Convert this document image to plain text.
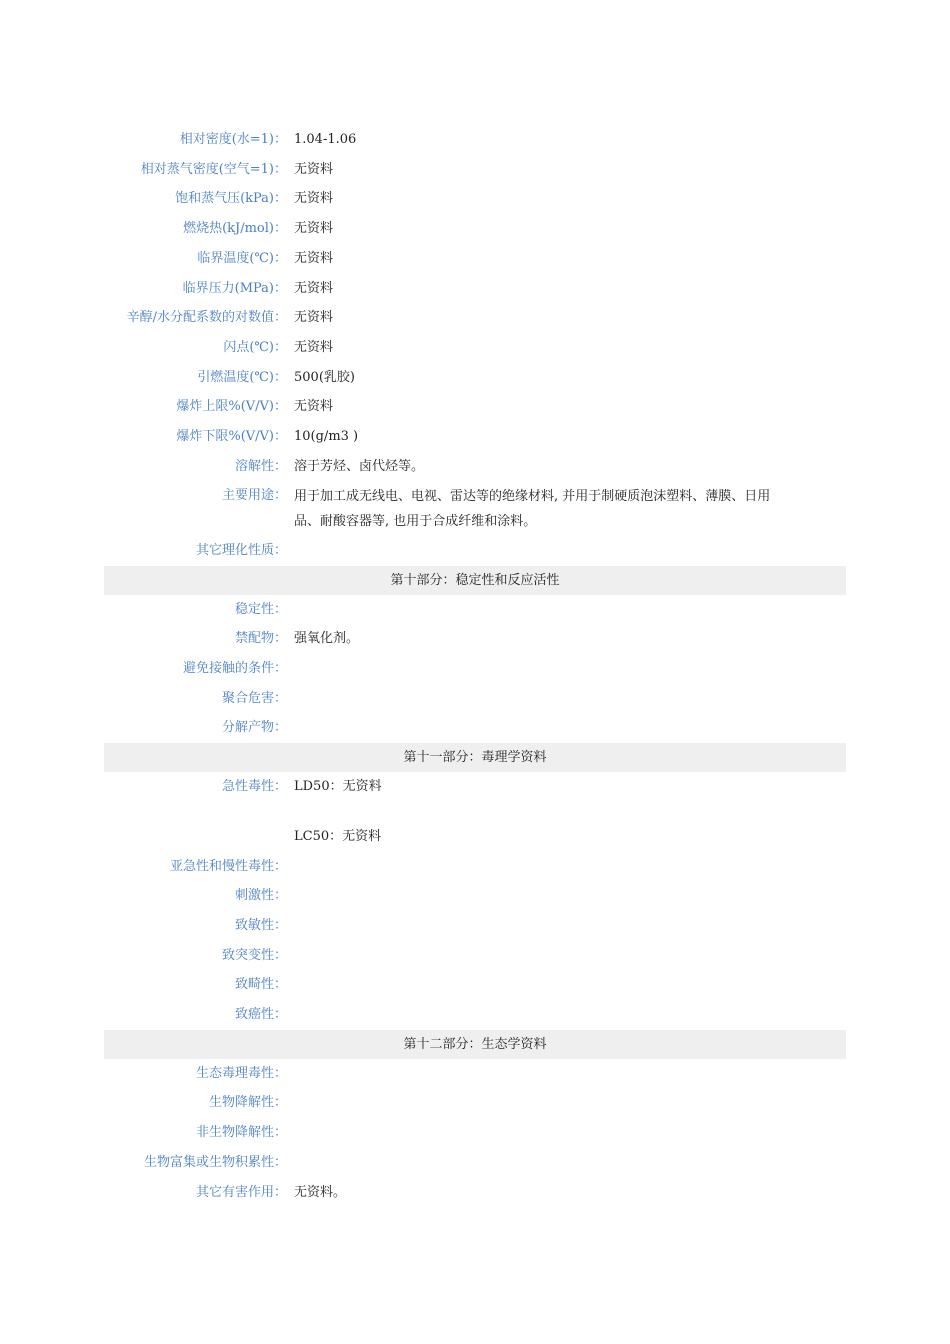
相对密度(水=1)： 1.04-1.06
相对蒸气密度(空气=1)： 无资料
饱和蒸气压(kPa)： 无资料
燃烧热(kJ/mol)： 无资料
临界温度(℃)： 无资料
临界压力(MPa)： 无资料
辛醇/水分配系数的对数值： 无资料
闪点(℃)： 无资料
引燃温度(℃)： 500(乳胶)
爆炸上限%(V/V)： 无资料
爆炸下限%(V/V)： 10(g/m3 )
溶解性： 溶于芳烃、卤代烃等。
主要用途： 用于加工成无线电、电视、雷达等的绝缘材料, 并用于制硬质泡沫塑料、薄膜、日用
品、耐酸容器等, 也用于合成纤维和涂料。
其它理化性质：
第十部分：稳定性和反应活性
稳定性：
禁配物： 强氧化剂。
避免接触的条件：
聚合危害：
分解产物：
第十一部分：毒理学资料
急性毒性： LD50：无资料
LC50：无资料
亚急性和慢性毒性：
刺激性：
致敏性：
致突变性：
致畸性：
致癌性：
第十二部分：生态学资料
生态毒理毒性：
生物降解性：
非生物降解性：
生物富集或生物积累性：
其它有害作用： 无资料。
